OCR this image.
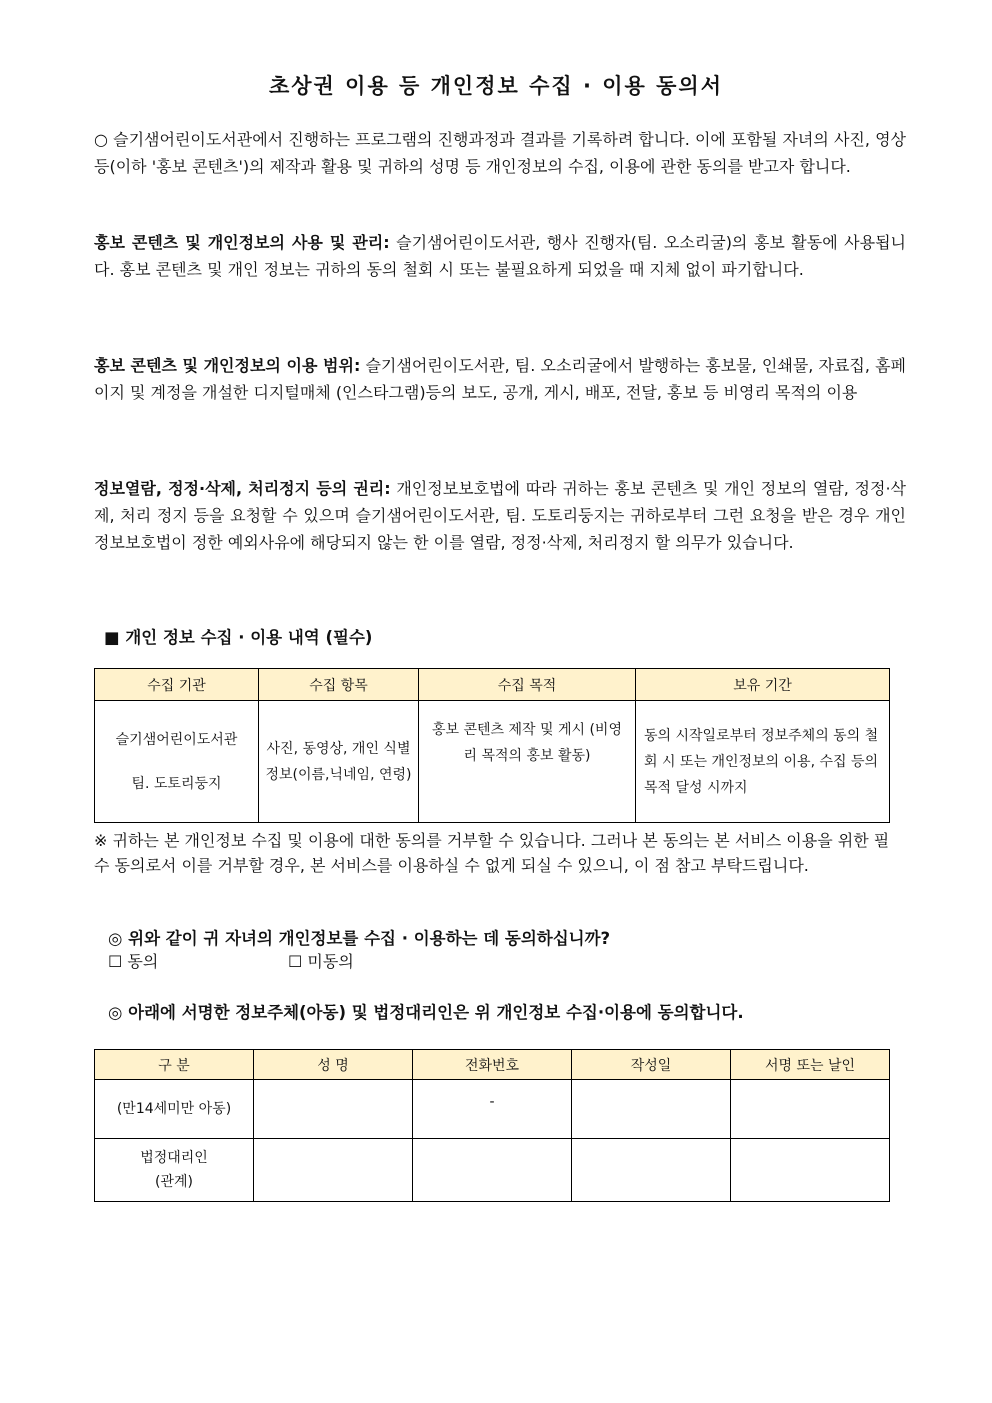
초상권 이용 등 개인정보 수집 · 이용 동의서

○ 슬기샘어린이도서관에서 진행하는 프로그램의 진행과정과 결과를 기록하려 합니다. 이에 포함될 자녀의 사진, 영상 등(이하 '홍보 콘텐츠')의 제작과 활용 및 귀하의 성명 등 개인정보의 수집, 이용에 관한 동의를 받고자 합니다.

홍보 콘텐츠 및 개인정보의 사용 및 관리: 슬기샘어린이도서관, 행사 진행자(팀. 오소리굴)의 홍보 활동에 사용됩니다. 홍보 콘텐츠 및 개인 정보는 귀하의 동의 철회 시 또는 불필요하게 되었을 때 지체 없이 파기합니다.

홍보 콘텐츠 및 개인정보의 이용 범위: 슬기샘어린이도서관, 팀. 오소리굴에서 발행하는 홍보물, 인쇄물, 자료집, 홈페이지 및 계정을 개설한 디지털매체 (인스타그램)등의 보도, 공개, 게시, 배포, 전달, 홍보 등 비영리 목적의 이용

정보열람, 정정·삭제, 처리정지 등의 권리: 개인정보보호법에 따라 귀하는 홍보 콘텐츠 및 개인 정보의 열람, 정정·삭제, 처리 정지 등을 요청할 수 있으며 슬기샘어린이도서관, 팀. 도토리둥지는 귀하로부터 그런 요청을 받은 경우 개인정보보호법이 정한 예외사유에 해당되지 않는 한 이를 열람, 정정·삭제, 처리정지 할 의무가 있습니다.

■ 개인 정보 수집 · 이용 내역 (필수)
수집 기관	수집 항목	수집 목적	보유 기간

슬기샘어린이도서관
팀. 도토리둥지	사진, 동영상, 개인 식별정보(이름,닉네임, 연령)	홍보 콘텐츠 제작 및 게시 (비영리 목적의 홍보 활동)	동의 시작일로부터 정보주체의 동의 철회 시 또는 개인정보의 이용, 수집 등의 목적 달성 시까지

※ 귀하는 본 개인정보 수집 및 이용에 대한 동의를 거부할 수 있습니다. 그러나 본 동의는 본 서비스 이용을 위한 필수 동의로서 이를 거부할 경우, 본 서비스를 이용하실 수 없게 되실 수 있으니, 이 점 참고 부탁드립니다.

◎ 위와 같이 귀 자녀의 개인정보를 수집 · 이용하는 데 동의하십니까?
☐ 동의	☐ 미동의
◎ 아래에 서명한 정보주체(아동) 및 법정대리인은 위 개인정보 수집·이용에 동의합니다.
구 분	성 명	전화번호	작성일	서명 또는 날인
(만14세미만 아동)		-		

법정대리인
(관계)				
